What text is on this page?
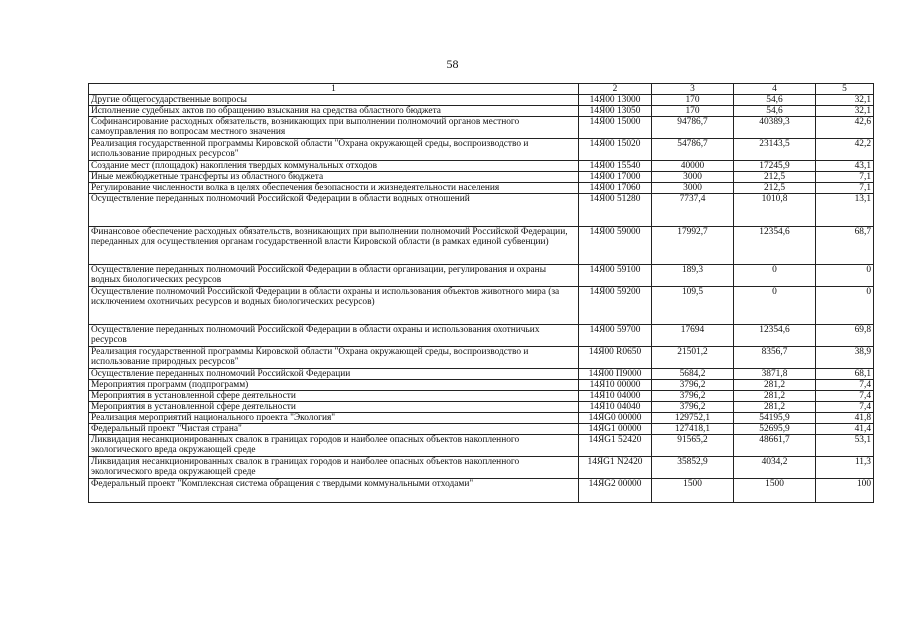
58
1	2	3	4	5
Другие общегосударственные вопросы	14Я00 13000	170	54,6	32,1
Исполнение судебных актов по обращению взыскания на средства областного бюджета	14Я00 13050	170	54,6	32,1
Софинансирование расходных обязательств, возникающих при выполнении полномочий органов местного самоуправления по вопросам местного значения	14Я00 15000	94786,7	40389,3	42,6
Реализация государственной программы Кировской области "Охрана окружающей среды, воспроизводство и использование природных ресурсов"	14Я00 15020	54786,7	23143,5	42,2
Создание мест (площадок) накопления твердых коммунальных отходов	14Я00 15540	40000	17245,9	43,1
Иные межбюджетные трансферты из областного бюджета	14Я00 17000	3000	212,5	7,1
Регулирование численности волка в целях обеспечения безопасности и жизнедеятельности населения	14Я00 17060	3000	212,5	7,1
Осуществление переданных полномочий Российской Федерации в области водных отношений	14Я00 51280	7737,4	1010,8	13,1
Финансовое обеспечение расходных обязательств, возникающих при выполнении полномочий Российской Федерации, переданных для осуществления органам государственной власти Кировской области (в рамках единой субвенции)	14Я00 59000	17992,7	12354,6	68,7
Осуществление переданных полномочий Российской Федерации в области организации, регулирования и охраны водных биологических ресурсов	14Я00 59100	189,3	0	0
Осуществление полномочий Российской Федерации в области охраны и использования объектов животного мира (за исключением охотничьих ресурсов и водных биологических ресурсов)	14Я00 59200	109,5	0	0
Осуществление переданных полномочий Российской Федерации в области охраны и использования охотничьих ресурсов	14Я00 59700	17694	12354,6	69,8
Реализация государственной программы Кировской области "Охрана окружающей среды, воспроизводство и использование природных ресурсов"	14Я00 R0650	21501,2	8356,7	38,9
Осуществление переданных полномочий Российской Федерации	14Я00 П9000	5684,2	3871,8	68,1
Мероприятия программ (подпрограмм)	14Я10 00000	3796,2	281,2	7,4
Мероприятия в установленной сфере деятельности	14Я10 04000	3796,2	281,2	7,4
Мероприятия в установленной сфере деятельности	14Я10 04040	3796,2	281,2	7,4
Реализация мероприятий национального проекта "Экология"	14ЯG0 00000	129752,1	54195,9	41,8
Федеральный проект "Чистая страна"	14ЯG1 00000	127418,1	52695,9	41,4
Ликвидация несанкционированных свалок в границах городов и наиболее опасных объектов накопленного экологического вреда окружающей среде	14ЯG1 52420	91565,2	48661,7	53,1
Ликвидация несанкционированных свалок в границах городов и наиболее опасных объектов накопленного экологического вреда окружающей среде	14ЯG1 N2420	35852,9	4034,2	11,3
Федеральный проект "Комплексная система обращения с твердыми коммунальными отходами"	14ЯG2 00000	1500	1500	100
